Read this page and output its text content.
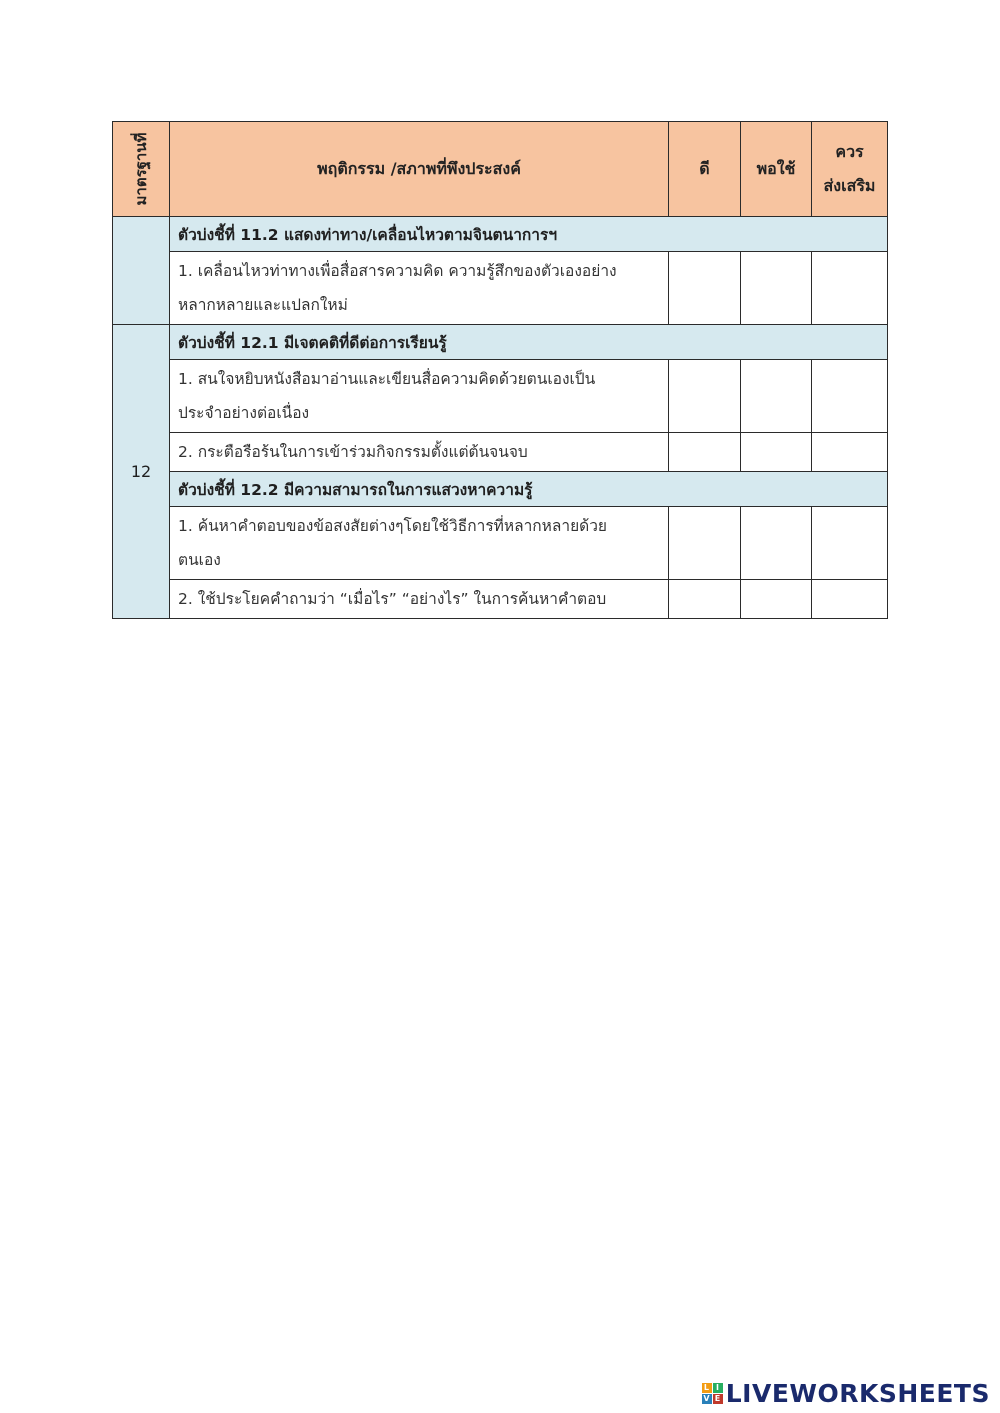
มาตรฐานที่	พฤติกรรม /สภาพที่พึงประสงค์	ดี	พอใช้	ควร
ส่งเสริม

	ตัวบ่งชี้ที่ 11.2 แสดงท่าทาง/เคลื่อนไหวตามจินตนาการฯ			

	1. เคลื่อนไหวท่าทางเพื่อสื่อสารความคิด ความรู้สึกของตัวเองอย่าง
หลากหลายและแปลกใหม่			

12	ตัวบ่งชี้ที่ 12.1 มีเจตคติที่ดีต่อการเรียนรู้			

	1. สนใจหยิบหนังสือมาอ่านและเขียนสื่อความคิดด้วยตนเองเป็น
ประจำอย่างต่อเนื่อง			

	2. กระตือรือร้นในการเข้าร่วมกิจกรรมตั้งแต่ต้นจนจบ			

	ตัวบ่งชี้ที่ 12.2 มีความสามารถในการแสวงหาความรู้			

	1. ค้นหาคำตอบของข้อสงสัยต่างๆโดยใช้วิธีการที่หลากหลายด้วย
ตนเอง			

	2. ใช้ประโยคคำถามว่า “เมื่อไร” “อย่างไร” ในการค้นหาคำตอบ			

L I
V E LIVEWORKSHEETS
